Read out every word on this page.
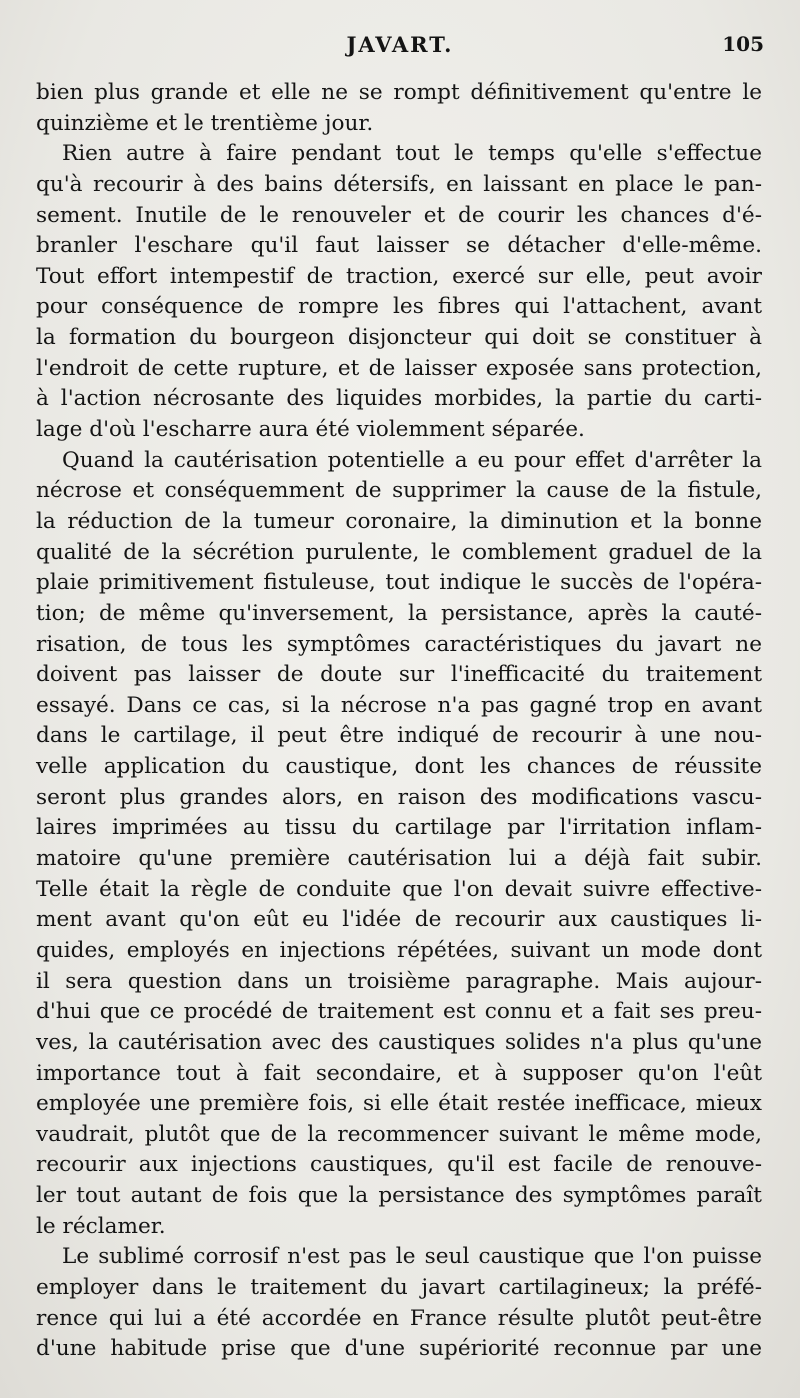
JAVART.	105
bien plus grande et elle ne se rompt définitivement qu'entre le
quinzième et le trentième jour.
Rien autre à faire pendant tout le temps qu'elle s'effectue
qu'à recourir à des bains détersifs, en laissant en place le pan-
sement. Inutile de le renouveler et de courir les chances d'é-
branler l'eschare qu'il faut laisser se détacher d'elle-même.
Tout effort intempestif de traction, exercé sur elle, peut avoir
pour conséquence de rompre les fibres qui l'attachent, avant
la formation du bourgeon disjoncteur qui doit se constituer à
l'endroit de cette rupture, et de laisser exposée sans protection,
à l'action nécrosante des liquides morbides, la partie du carti-
lage d'où l'escharre aura été violemment séparée.
Quand la cautérisation potentielle a eu pour effet d'arrêter la
nécrose et conséquemment de supprimer la cause de la fistule,
la réduction de la tumeur coronaire, la diminution et la bonne
qualité de la sécrétion purulente, le comblement graduel de la
plaie primitivement fistuleuse, tout indique le succès de l'opéra-
tion; de même qu'inversement, la persistance, après la cauté-
risation, de tous les symptômes caractéristiques du javart ne
doivent pas laisser de doute sur l'inefficacité du traitement
essayé. Dans ce cas, si la nécrose n'a pas gagné trop en avant
dans le cartilage, il peut être indiqué de recourir à une nou-
velle application du caustique, dont les chances de réussite
seront plus grandes alors, en raison des modifications vascu-
laires imprimées au tissu du cartilage par l'irritation inflam-
matoire qu'une première cautérisation lui a déjà fait subir.
Telle était la règle de conduite que l'on devait suivre effective-
ment avant qu'on eût eu l'idée de recourir aux caustiques li-
quides, employés en injections répétées, suivant un mode dont
il sera question dans un troisième paragraphe. Mais aujour-
d'hui que ce procédé de traitement est connu et a fait ses preu-
ves, la cautérisation avec des caustiques solides n'a plus qu'une
importance tout à fait secondaire, et à supposer qu'on l'eût
employée une première fois, si elle était restée inefficace, mieux
vaudrait, plutôt que de la recommencer suivant le même mode,
recourir aux injections caustiques, qu'il est facile de renouve-
ler tout autant de fois que la persistance des symptômes paraît
le réclamer.
Le sublimé corrosif n'est pas le seul caustique que l'on puisse
employer dans le traitement du javart cartilagineux; la préfé-
rence qui lui a été accordée en France résulte plutôt peut-être
d'une habitude prise que d'une supériorité reconnue par une
